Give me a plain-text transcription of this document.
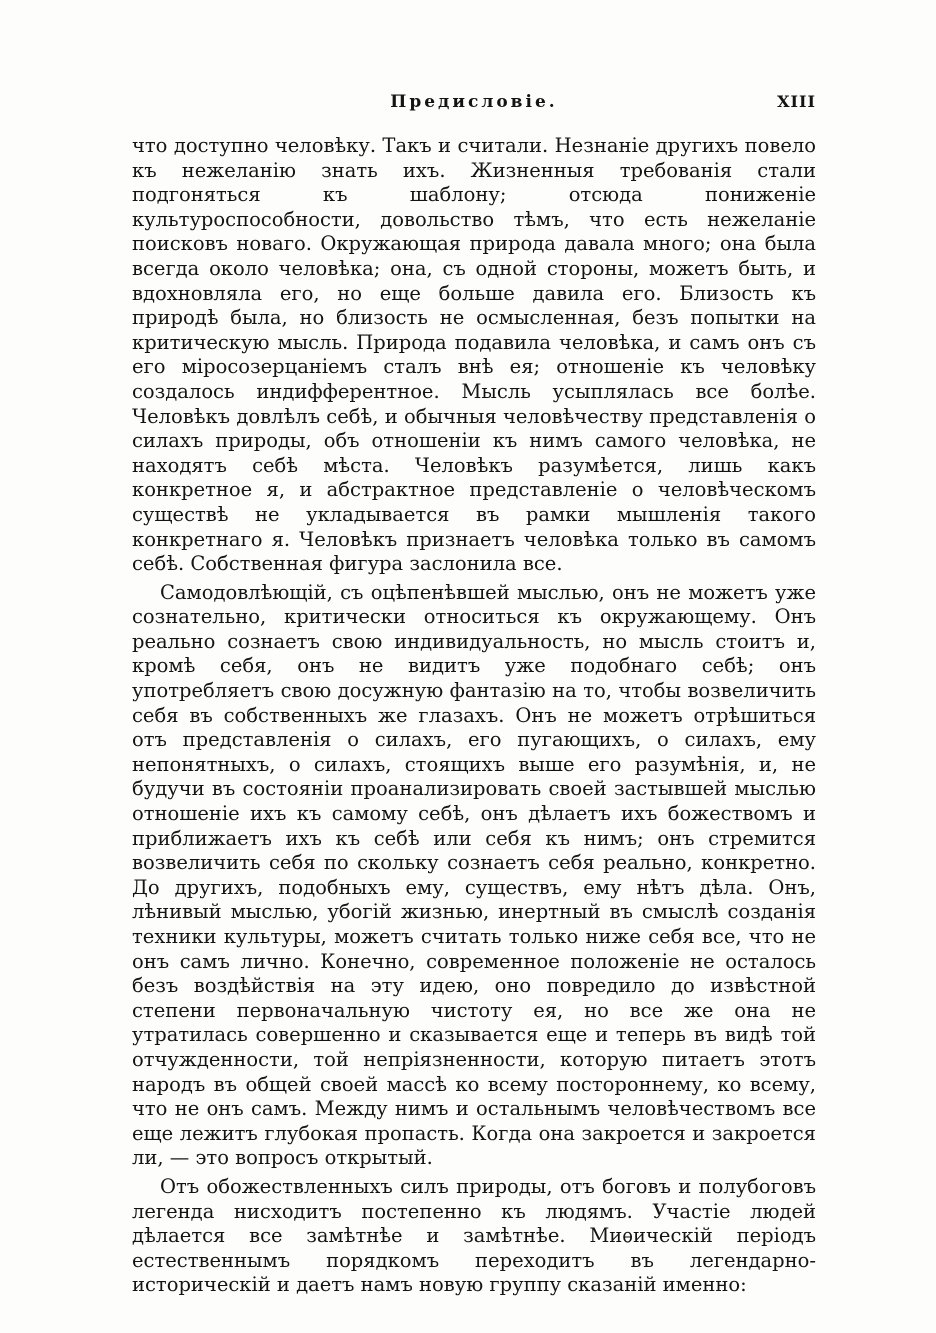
Предисловіе.	XIII

что доступно человѣку. Такъ и считали. Незнаніе другихъ повело къ нежеланію знать ихъ. Жизненныя требованія стали подгоняться къ шаблону; отсюда пониженіе культуроспособности, довольство тѣмъ, что есть нежеланіе поисковъ новаго. Окружающая природа давала много; она была всегда около человѣка; она, съ одной стороны, можетъ быть, и вдохновляла его, но еще больше давила его. Близость къ природѣ была, но близость не осмысленная, безъ попытки на критическую мысль. Природа подавила человѣка, и самъ онъ съ его міросозерцаніемъ сталъ внѣ ея; отношеніе къ человѣку создалось индифферентное. Мысль усыплялась все болѣе. Человѣкъ довлѣлъ себѣ, и обычныя человѣчеству представленія о силахъ природы, объ отношеніи къ нимъ самого человѣка, не находятъ себѣ мѣста. Человѣкъ разумѣется, лишь какъ конкретное я, и абстрактное представленіе о человѣческомъ существѣ не укладывается въ рамки мышленія такого конкретнаго я. Человѣкъ признаетъ человѣка только въ самомъ себѣ. Собственная фигура заслонила все.

Самодовлѣющій, съ оцѣпенѣвшей мыслью, онъ не можетъ уже сознательно, критически относиться къ окружающему. Онъ реально сознаетъ свою индивидуальность, но мысль стоитъ и, кромѣ себя, онъ не видитъ уже подобнаго себѣ; онъ употребляетъ свою досужную фантазію на то, чтобы возвеличить себя въ собственныхъ же глазахъ. Онъ не можетъ отрѣшиться отъ представленія о силахъ, его пугающихъ, о силахъ, ему непонятныхъ, о силахъ, стоящихъ выше его разумѣнія, и, не будучи въ состояніи проанализировать своей застывшей мыслью отношеніе ихъ къ самому себѣ, онъ дѣлаетъ ихъ божествомъ и приближаетъ ихъ къ себѣ или себя къ нимъ; онъ стремится возвеличить себя по скольку сознаетъ себя реально, конкретно. До другихъ, подобныхъ ему, существъ, ему нѣтъ дѣла. Онъ, лѣнивый мыслью, убогій жизнью, инертный въ смыслѣ созданія техники культуры, можетъ считать только ниже себя все, что не онъ самъ лично. Конечно, современное положеніе не осталось безъ воздѣйствія на эту идею, оно повредило до извѣстной степени первоначальную чистоту ея, но все же она не утратилась совершенно и сказывается еще и теперь въ видѣ той отчужденности, той непріязненности, которую питаетъ этотъ народъ въ общей своей массѣ ко всему постороннему, ко всему, что не онъ самъ. Между нимъ и остальнымъ человѣчествомъ все еще лежитъ глубокая пропасть. Когда она закроется и закроется ли, — это вопросъ открытый.

Отъ обожествленныхъ силъ природы, отъ боговъ и полубоговъ легенда нисходитъ постепенно къ людямъ. Участіе людей дѣлается все замѣтнѣе и замѣтнѣе. Миѳическій періодъ естественнымъ порядкомъ переходитъ въ легендарно-историческій и даетъ намъ новую группу сказаній именно:
